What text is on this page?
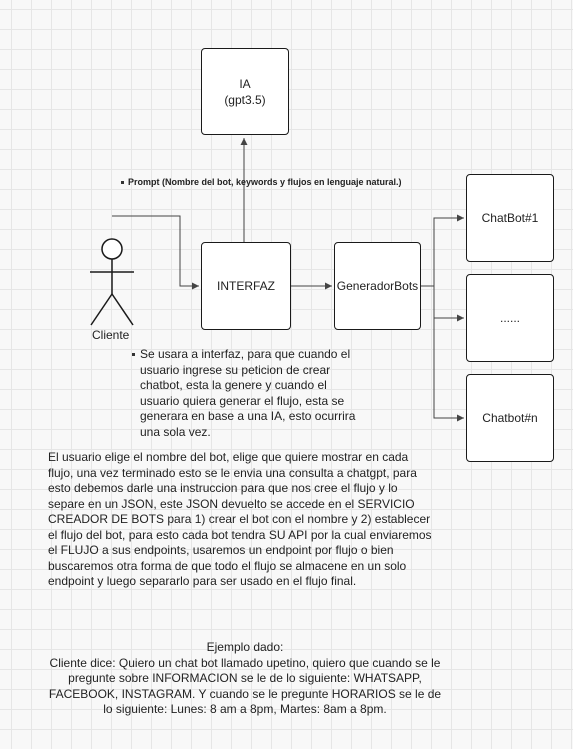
IA
(gpt3.5)
INTERFAZ	GeneradorBots
ChatBot#1
......
Chatbot#n
Cliente
Prompt (Nombre del bot, keywords y flujos en lenguaje natural.)
Se usara a interfaz, para que cuando el usuario ingrese su peticion de crear chatbot, esta la genere y cuando el usuario quiera generar el flujo, esta se generara en base a una IA, esto ocurrira una sola vez.
El usuario elige el nombre del bot, elige que quiere mostrar en cada flujo, una vez terminado esto se le envia una consulta a chatgpt, para esto debemos darle una instruccion para que nos cree el flujo y lo separe en un JSON, este JSON devuelto se accede en el SERVICIO CREADOR DE BOTS para 1) crear el bot con el nombre y 2) establecer el flujo del bot, para esto cada bot tendra SU API por la cual enviaremos el FLUJO a sus endpoints, usaremos un endpoint por flujo o bien buscaremos otra forma de que todo el flujo se almacene en un solo endpoint y luego separarlo para ser usado en el flujo final.
Ejemplo dado:
Cliente dice: Quiero un chat bot llamado upetino, quiero que cuando se le pregunte sobre INFORMACION se le de lo siguiente: WHATSAPP, FACEBOOK, INSTAGRAM. Y cuando se le pregunte HORARIOS se le de lo siguiente: Lunes: 8 am a 8pm, Martes: 8am a 8pm.
